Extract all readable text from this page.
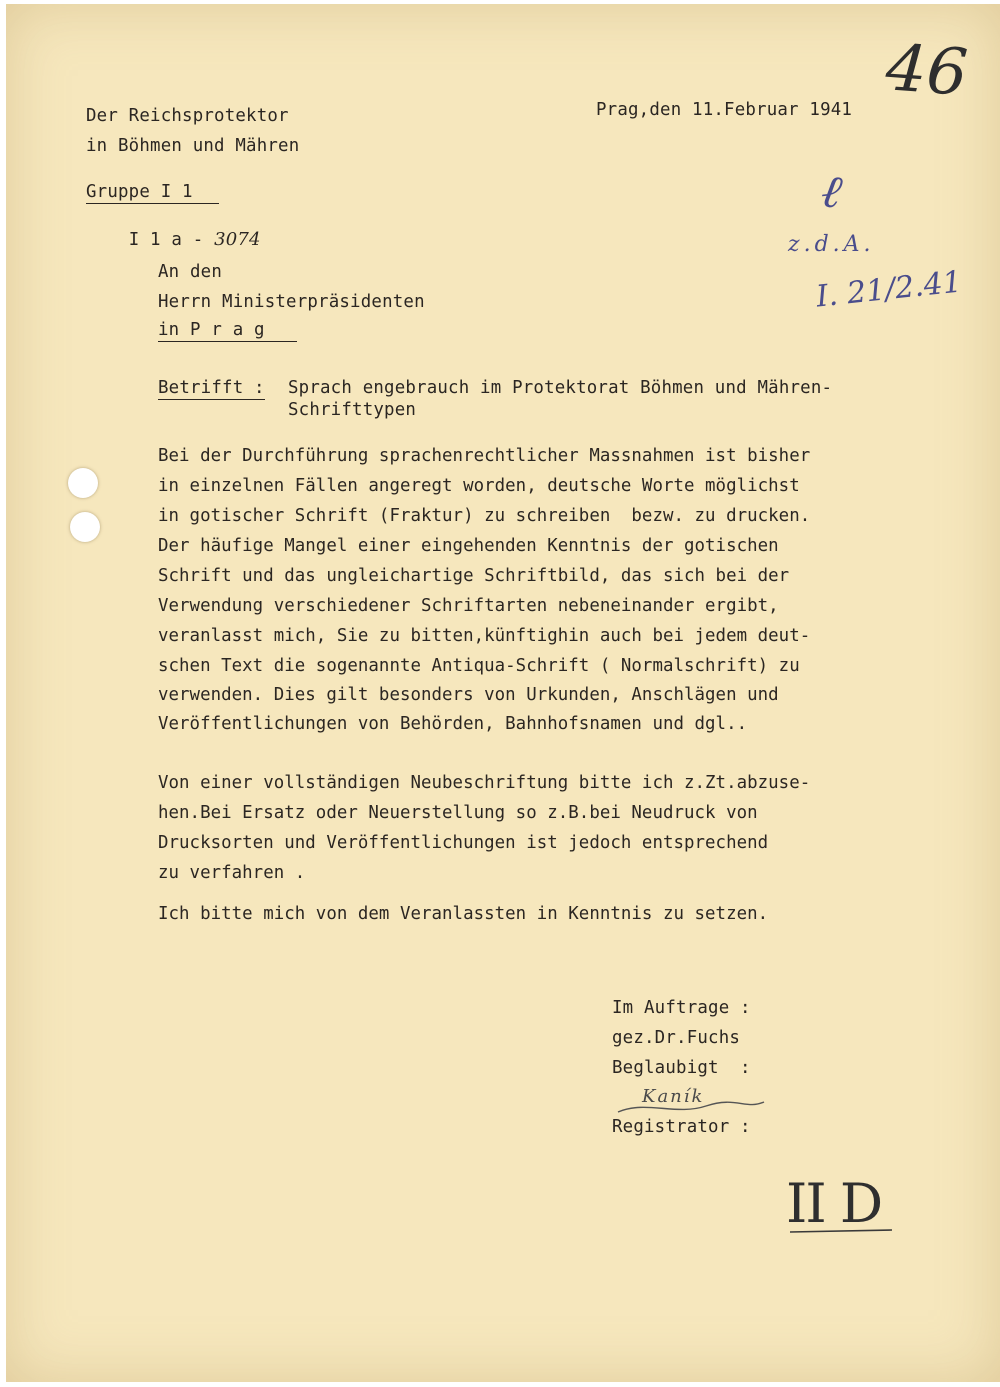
Der Reichsprotektor
in Böhmen und Mähren
Prag,den 11.Februar 1941
Gruppe I 1

I 1 a - 3074

46
ℓ
z.d.A.
I. 21/2.41
An den
Herrn Ministerpräsidenten
in P r a g
Betrifft : Sprach engebrauch im Protektorat Böhmen und Mähren-
Schrifttypen
Bei der Durchführung sprachenrechtlicher Massnahmen ist bisher
in einzelnen Fällen angeregt worden, deutsche Worte möglichst
in gotischer Schrift (Fraktur) zu schreiben  bezw. zu drucken.
Der häufige Mangel einer eingehenden Kenntnis der gotischen
Schrift und das ungleichartige Schriftbild, das sich bei der
Verwendung verschiedener Schriftarten nebeneinander ergibt,
veranlasst mich, Sie zu bitten,künftighin auch bei jedem deut-
schen Text die sogenannte Antiqua-Schrift ( Normalschrift) zu
verwenden. Dies gilt besonders von Urkunden, Anschlägen und
Veröffentlichungen von Behörden, Bahnhofsnamen und dgl..
Von einer vollständigen Neubeschriftung bitte ich z.Zt.abzuse-
hen.Bei Ersatz oder Neuerstellung so z.B.bei Neudruck von
Drucksorten und Veröffentlichungen ist jedoch entsprechend
zu verfahren .
Ich bitte mich von dem Veranlassten in Kenntnis zu setzen.
Im Auftrage :
gez.Dr.Fuchs
Beglaubigt  :
Kaník
Registrator :
II D
